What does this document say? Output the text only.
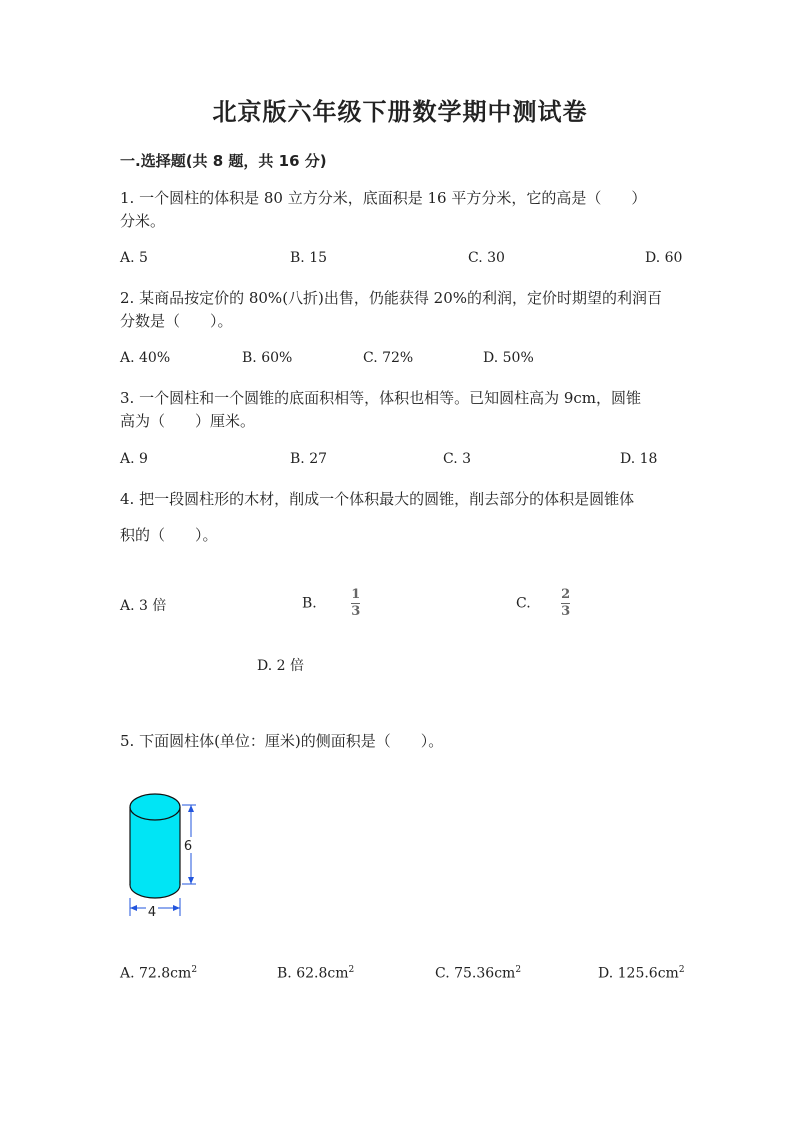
北京版六年级下册数学期中测试卷
一.选择题(共 8 题，共 16 分)
1. 一个圆柱的体积是 80 立方分米，底面积是 16 平方分米，它的高是（　　）
分米。
A. 5	B. 15	C. 30	D. 60
2. 某商品按定价的 80%(八折)出售，仍能获得 20%的利润，定价时期望的利润百
分数是（　　）。
A. 40%	B. 60%	C. 72%	D. 50%
3. 一个圆柱和一个圆锥的底面积相等，体积也相等。已知圆柱高为 9cm，圆锥
高为（　　）厘米。
A. 9	B. 27	C. 3	D. 18
4. 把一段圆柱形的木材，削成一个体积最大的圆锥，削去部分的体积是圆锥体
积的（　　）。
A. 3 倍	B.	$\frac{1}{3}$	C. $\frac{2}{3}$
D. 2 倍
5. 下面圆柱体(单位：厘米)的侧面积是（　　）。
6
4
A. $72.8cm^2$	B. $62.8cm^2$	C. $75.36cm^2$	D. $125.6cm^2$
